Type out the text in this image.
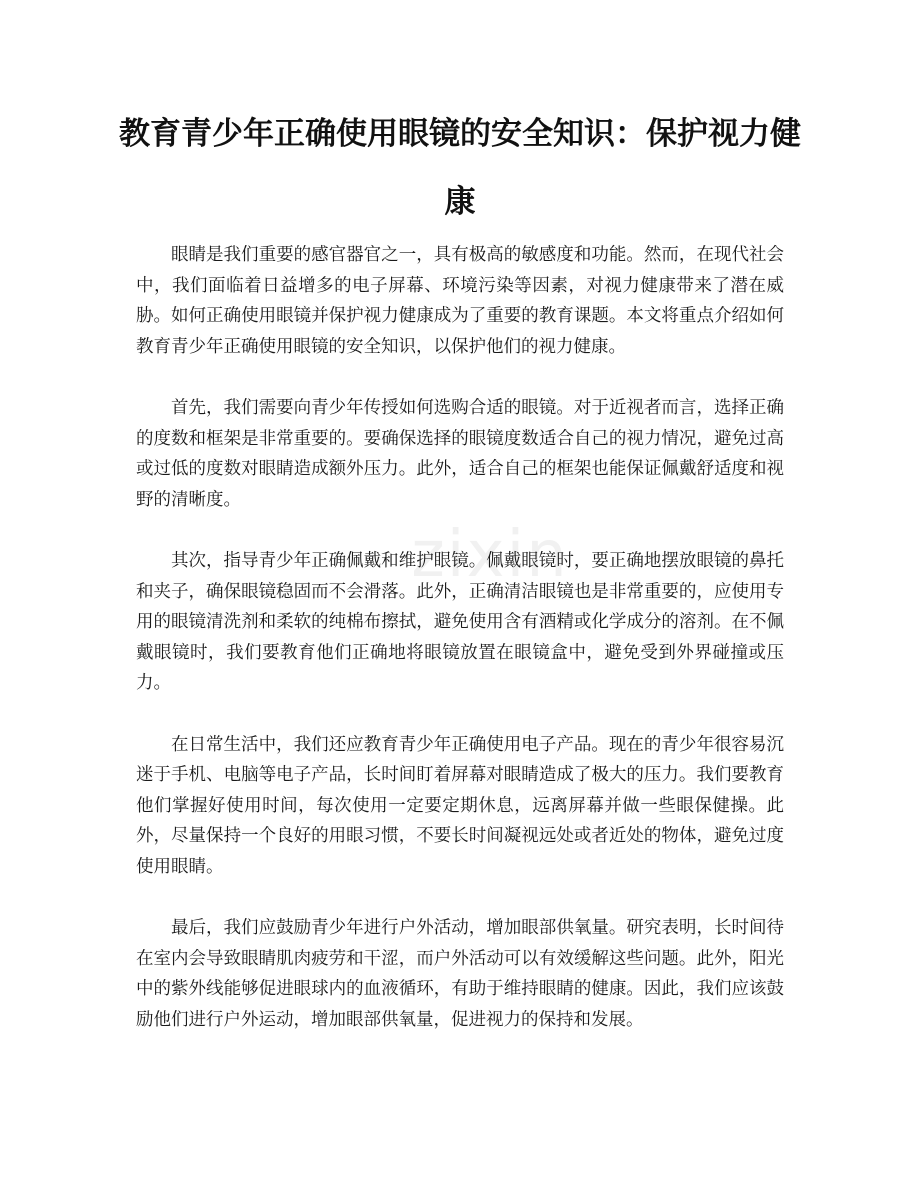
zixin
教育青少年正确使用眼镜的安全知识：保护视力健康

眼睛是我们重要的感官器官之一，具有极高的敏感度和功能。然而，在现代社会中，我们面临着日益增多的电子屏幕、环境污染等因素，对视力健康带来了潜在威胁。如何正确使用眼镜并保护视力健康成为了重要的教育课题。本文将重点介绍如何教育青少年正确使用眼镜的安全知识，以保护他们的视力健康。

首先，我们需要向青少年传授如何选购合适的眼镜。对于近视者而言，选择正确的度数和框架是非常重要的。要确保选择的眼镜度数适合自己的视力情况，避免过高或过低的度数对眼睛造成额外压力。此外，适合自己的框架也能保证佩戴舒适度和视野的清晰度。

其次，指导青少年正确佩戴和维护眼镜。佩戴眼镜时，要正确地摆放眼镜的鼻托和夹子，确保眼镜稳固而不会滑落。此外，正确清洁眼镜也是非常重要的，应使用专用的眼镜清洗剂和柔软的纯棉布擦拭，避免使用含有酒精或化学成分的溶剂。在不佩戴眼镜时，我们要教育他们正确地将眼镜放置在眼镜盒中，避免受到外界碰撞或压力。

在日常生活中，我们还应教育青少年正确使用电子产品。现在的青少年很容易沉迷于手机、电脑等电子产品，长时间盯着屏幕对眼睛造成了极大的压力。我们要教育他们掌握好使用时间，每次使用一定要定期休息，远离屏幕并做一些眼保健操。此外，尽量保持一个良好的用眼习惯，不要长时间凝视远处或者近处的物体，避免过度使用眼睛。

最后，我们应鼓励青少年进行户外活动，增加眼部供氧量。研究表明，长时间待在室内会导致眼睛肌肉疲劳和干涩，而户外活动可以有效缓解这些问题。此外，阳光中的紫外线能够促进眼球内的血液循环，有助于维持眼睛的健康。因此，我们应该鼓励他们进行户外运动，增加眼部供氧量，促进视力的保持和发展。
